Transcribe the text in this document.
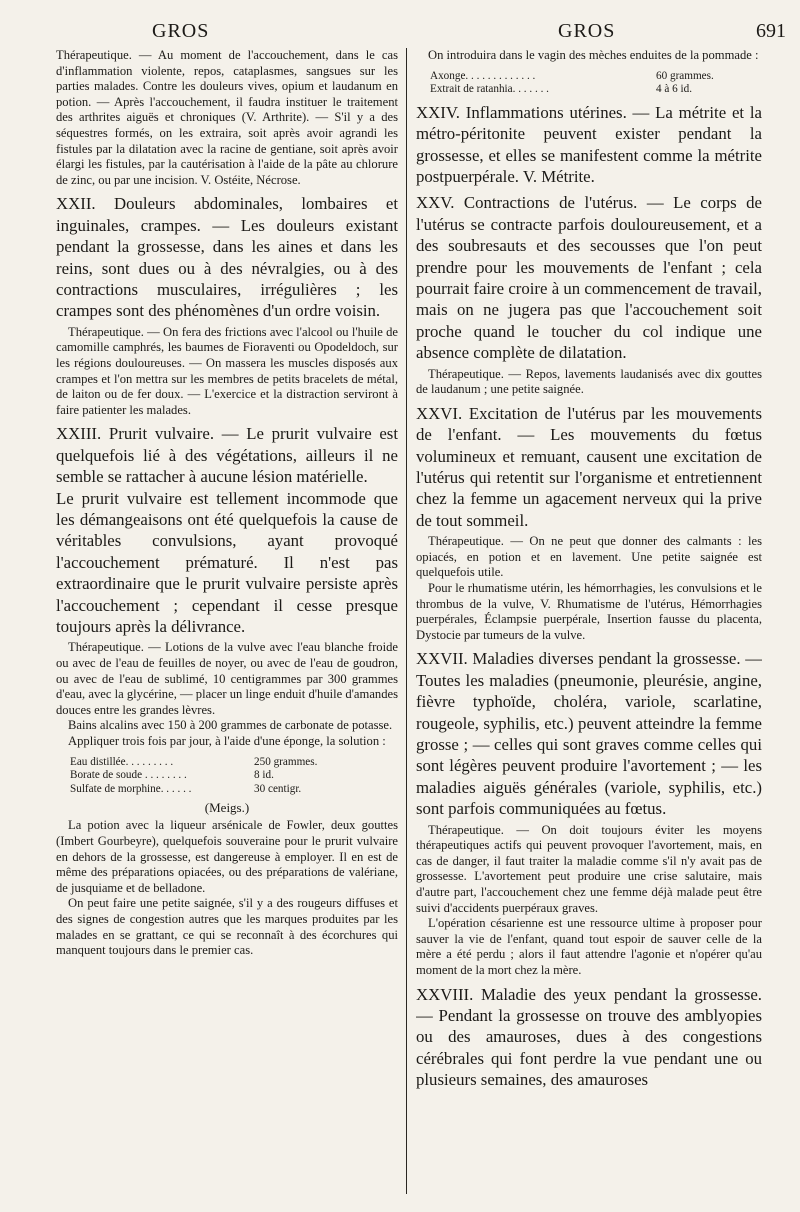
GROS	GROS	691

Thérapeutique. — Au moment de l'accouchement, dans le cas d'inflammation violente, repos, cataplasmes, sangsues sur les parties malades. Contre les douleurs vives, opium et laudanum en potion. — Après l'accouchement, il faudra instituer le traitement des arthrites aiguës et chroniques (V. Arthrite). — S'il y a des séquestres formés, on les extraira, soit après avoir agrandi les fistules par la dilatation avec la racine de gentiane, soit après avoir élargi les fistules, par la cautérisation à l'aide de la pâte au chlorure de zinc, ou par une incision. V. Ostéite, Nécrose.

XXII. Douleurs abdominales, lombaires et inguinales, crampes. — Les douleurs existant pendant la grossesse, dans les aines et dans les reins, sont dues ou à des névralgies, ou à des contractions musculaires, irrégulières ; les crampes sont des phénomènes d'un ordre voisin.

Thérapeutique. — On fera des frictions avec l'alcool ou l'huile de camomille camphrés, les baumes de Fioraventi ou Opodeldoch, sur les régions douloureuses. — On massera les muscles disposés aux crampes et l'on mettra sur les membres de petits bracelets de métal, de laiton ou de fer doux. — L'exercice et la distraction serviront à faire patienter les malades.

XXIII. Prurit vulvaire. — Le prurit vulvaire est quelquefois lié à des végétations, ailleurs il ne semble se rattacher à aucune lésion matérielle.

Le prurit vulvaire est tellement incommode que les démangeaisons ont été quelquefois la cause de véritables convulsions, ayant provoqué l'accouchement prématuré. Il n'est pas extraordinaire que le prurit vulvaire persiste après l'accouchement ; cependant il cesse presque toujours après la délivrance.

Thérapeutique. — Lotions de la vulve avec l'eau blanche froide ou avec de l'eau de feuilles de noyer, ou avec de l'eau de goudron, ou avec de l'eau de sublimé, 10 centigrammes par 300 grammes d'eau, avec la glycérine, — placer un linge enduit d'huile d'amandes douces entre les grandes lèvres.

Bains alcalins avec 150 à 200 grammes de carbonate de potasse.

Appliquer trois fois par jour, à l'aide d'une éponge, la solution :

Eau distillée. . . . . . . . .	250 grammes.
Borate de soude . . . . . . . .	8 id.
Sulfate de morphine. . . . . .	30 centigr.

(Meigs.)

La potion avec la liqueur arsénicale de Fowler, deux gouttes (Imbert Gourbeyre), quelquefois souveraine pour le prurit vulvaire en dehors de la grossesse, est dangereuse à employer. Il en est de même des préparations opiacées, ou des préparations de valériane, de jusquiame et de belladone.

On peut faire une petite saignée, s'il y a des rougeurs diffuses et des signes de congestion autres que les marques produites par les malades en se grattant, ce qui se reconnaît à des écorchures qui manquent toujours dans le premier cas.

On introduira dans le vagin des mèches enduites de la pommade :

Axonge. . . . . . . . . . . . .	60 grammes.
Extrait de ratanhia. . . . . . .	4 à 6 id.

XXIV. Inflammations utérines. — La métrite et la métro-péritonite peuvent exister pendant la grossesse, et elles se manifestent comme la métrite postpuerpérale. V. Métrite.

XXV. Contractions de l'utérus. — Le corps de l'utérus se contracte parfois douloureusement, et a des soubresauts et des secousses que l'on peut prendre pour les mouvements de l'enfant ; cela pourrait faire croire à un commencement de travail, mais on ne jugera pas que l'accouchement soit proche quand le toucher du col indique une absence complète de dilatation.

Thérapeutique. — Repos, lavements laudanisés avec dix gouttes de laudanum ; une petite saignée.

XXVI. Excitation de l'utérus par les mouvements de l'enfant. — Les mouvements du fœtus volumineux et remuant, causent une excitation de l'utérus qui retentit sur l'organisme et entretiennent chez la femme un agacement nerveux qui la prive de tout sommeil.

Thérapeutique. — On ne peut que donner des calmants : les opiacés, en potion et en lavement. Une petite saignée est quelquefois utile.

Pour le rhumatisme utérin, les hémorrhagies, les convulsions et le thrombus de la vulve, V. Rhumatisme de l'utérus, Hémorrhagies puerpérales, Éclampsie puerpérale, Insertion fausse du placenta, Dystocie par tumeurs de la vulve.

XXVII. Maladies diverses pendant la grossesse. — Toutes les maladies (pneumonie, pleurésie, angine, fièvre typhoïde, choléra, variole, scarlatine, rougeole, syphilis, etc.) peuvent atteindre la femme grosse ; — celles qui sont graves comme celles qui sont légères peuvent produire l'avortement ; — les maladies aiguës générales (variole, syphilis, etc.) sont parfois communiquées au fœtus.

Thérapeutique. — On doit toujours éviter les moyens thérapeutiques actifs qui peuvent provoquer l'avortement, mais, en cas de danger, il faut traiter la maladie comme s'il n'y avait pas de grossesse. L'avortement peut produire une crise salutaire, mais d'autre part, l'accouchement chez une femme déjà malade peut être suivi d'accidents puerpéraux graves.

L'opération césarienne est une ressource ultime à proposer pour sauver la vie de l'enfant, quand tout espoir de sauver celle de la mère a été perdu ; alors il faut attendre l'agonie et n'opérer qu'au moment de la mort chez la mère.

XXVIII. Maladie des yeux pendant la grossesse. — Pendant la grossesse on trouve des amblyopies ou des amauroses, dues à des congestions cérébrales qui font perdre la vue pendant une ou plusieurs semaines, des amauroses
